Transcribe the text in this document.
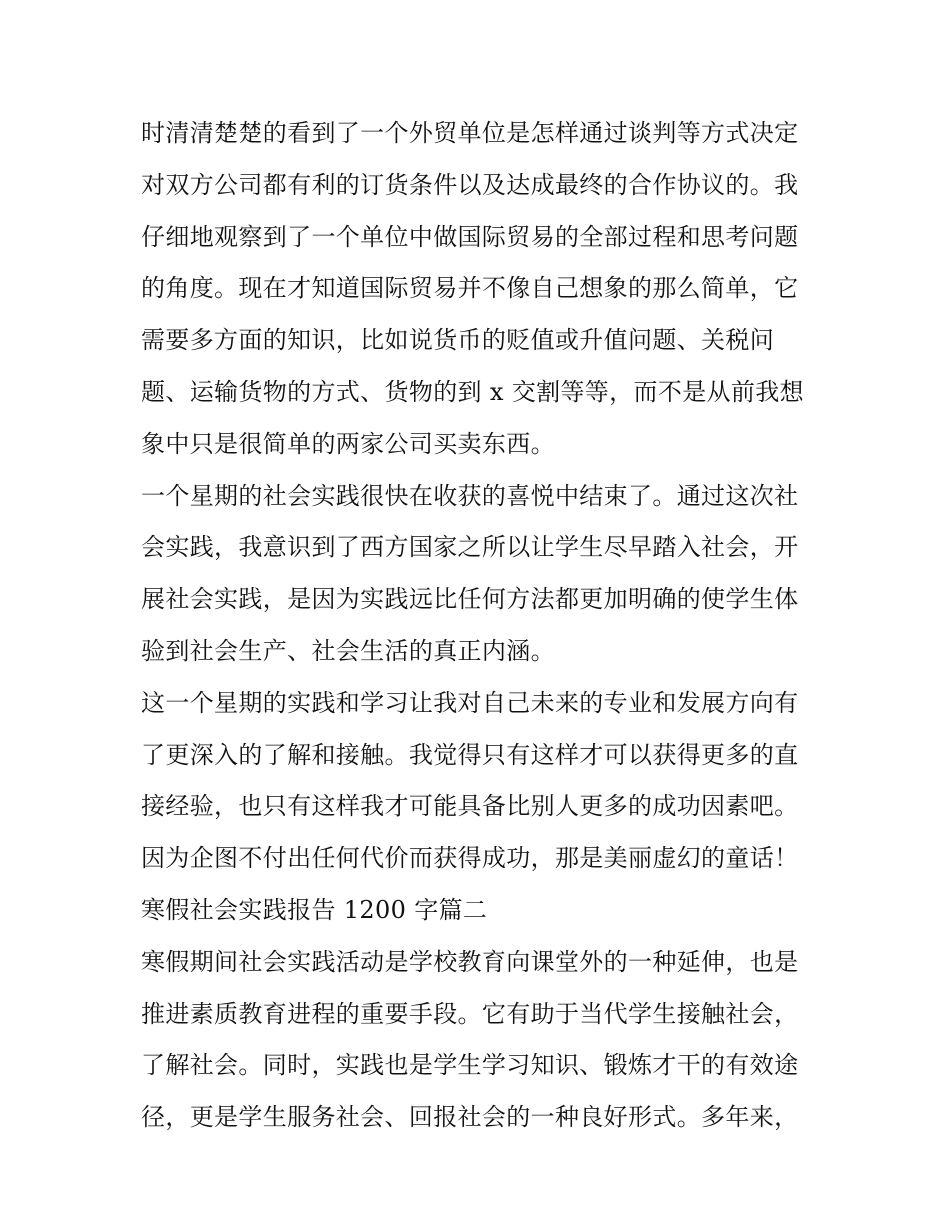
时清清楚楚的看到了一个外贸单位是怎样通过谈判等方式决定
对双方公司都有利的订货条件以及达成最终的合作协议的。我
仔细地观察到了一个单位中做国际贸易的全部过程和思考问题
的角度。现在才知道国际贸易并不像自己想象的那么简单，它
需要多方面的知识，比如说货币的贬值或升值问题、关税问
题、运输货物的方式、货物的到 x 交割等等，而不是从前我想
象中只是很简单的两家公司买卖东西。
一个星期的社会实践很快在收获的喜悦中结束了。通过这次社
会实践，我意识到了西方国家之所以让学生尽早踏入社会，开
展社会实践，是因为实践远比任何方法都更加明确的使学生体
验到社会生产、社会生活的真正内涵。
这一个星期的实践和学习让我对自己未来的专业和发展方向有
了更深入的了解和接触。我觉得只有这样才可以获得更多的直
接经验，也只有这样我才可能具备比别人更多的成功因素吧。
因为企图不付出任何代价而获得成功，那是美丽虚幻的童话！
寒假社会实践报告 1200 字篇二
寒假期间社会实践活动是学校教育向课堂外的一种延伸，也是
推进素质教育进程的重要手段。它有助于当代学生接触社会，
了解社会。同时，实践也是学生学习知识、锻炼才干的有效途
径，更是学生服务社会、回报社会的一种良好形式。多年来，
